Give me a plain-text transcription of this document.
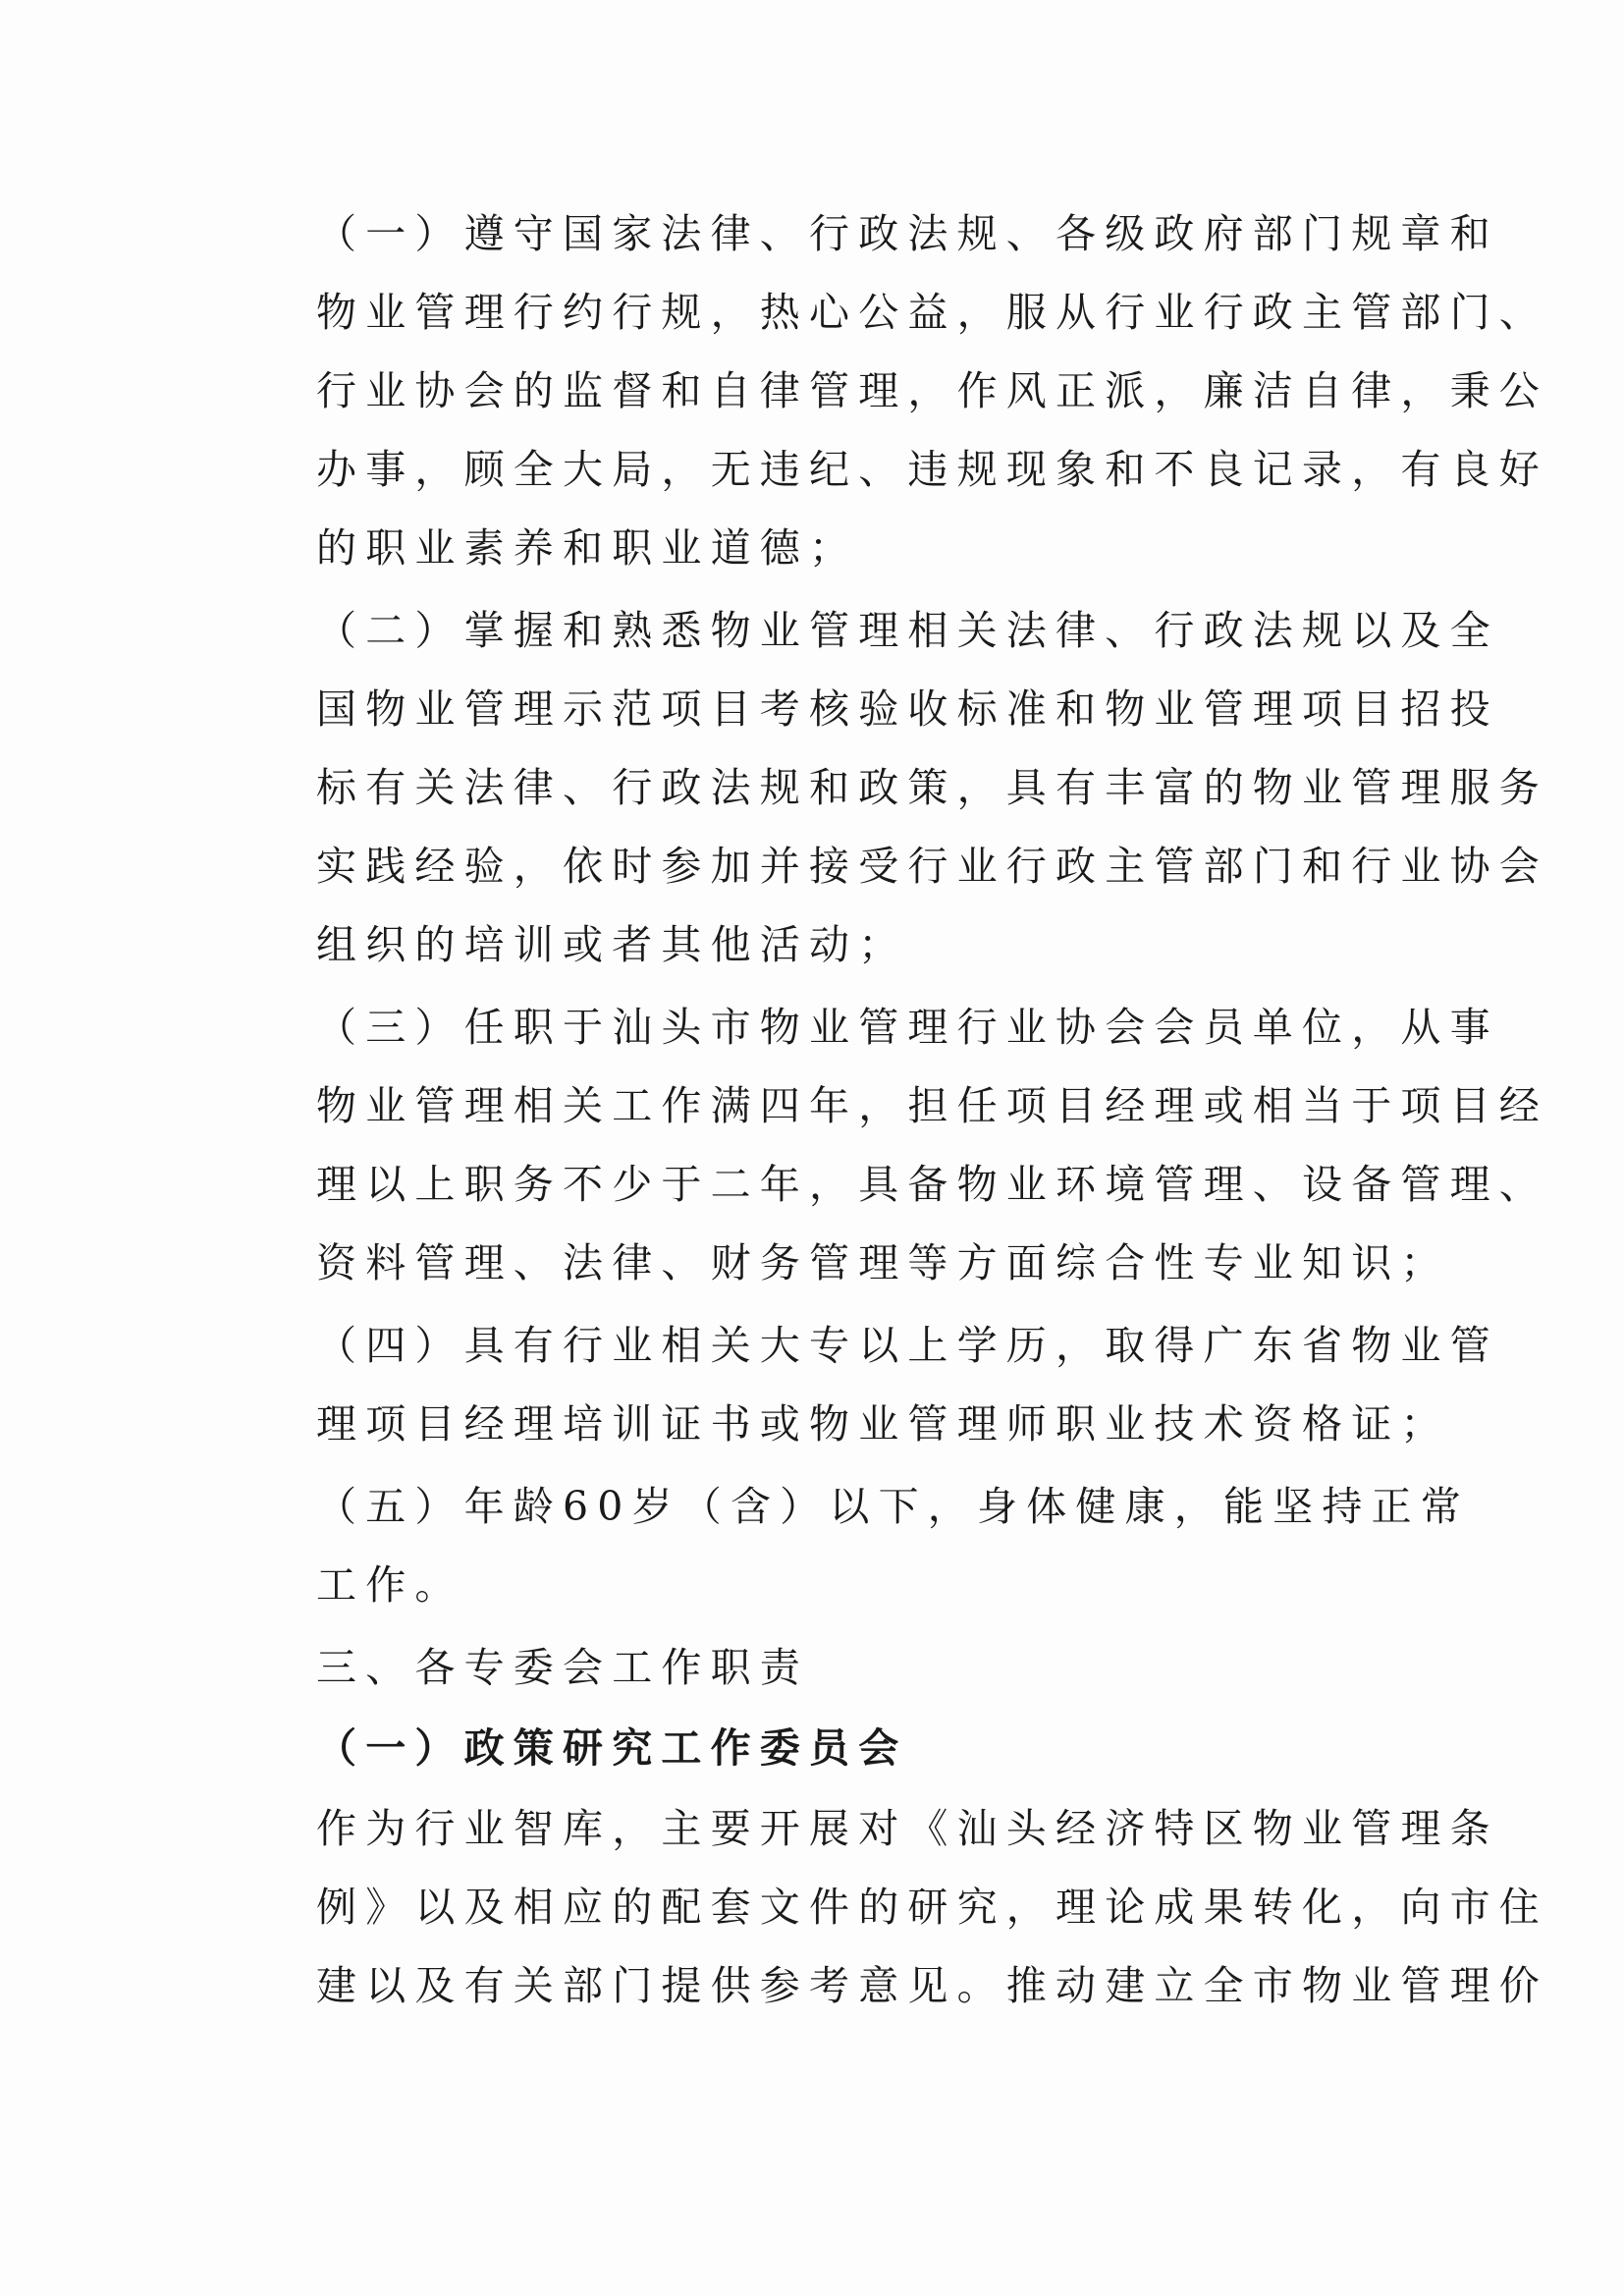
（一）遵守国家法律、行政法规、各级政府部门规章和
物业管理行约行规，热心公益，服从行业行政主管部门、
行业协会的监督和自律管理，作风正派，廉洁自律，秉公
办事，顾全大局，无违纪、违规现象和不良记录，有良好
的职业素养和职业道德；
（二）掌握和熟悉物业管理相关法律、行政法规以及全
国物业管理示范项目考核验收标准和物业管理项目招投
标有关法律、行政法规和政策，具有丰富的物业管理服务
实践经验，依时参加并接受行业行政主管部门和行业协会
组织的培训或者其他活动；
（三）任职于汕头市物业管理行业协会会员单位，从事
物业管理相关工作满四年，担任项目经理或相当于项目经
理以上职务不少于二年，具备物业环境管理、设备管理、
资料管理、法律、财务管理等方面综合性专业知识；
（四）具有行业相关大专以上学历，取得广东省物业管
理项目经理培训证书或物业管理师职业技术资格证；
（五）年龄60岁（含）以下，身体健康，能坚持正常
工作。
三、各专委会工作职责
（一）政策研究工作委员会
作为行业智库，主要开展对《汕头经济特区物业管理条
例》以及相应的配套文件的研究，理论成果转化，向市住
建以及有关部门提供参考意见。推动建立全市物业管理价
